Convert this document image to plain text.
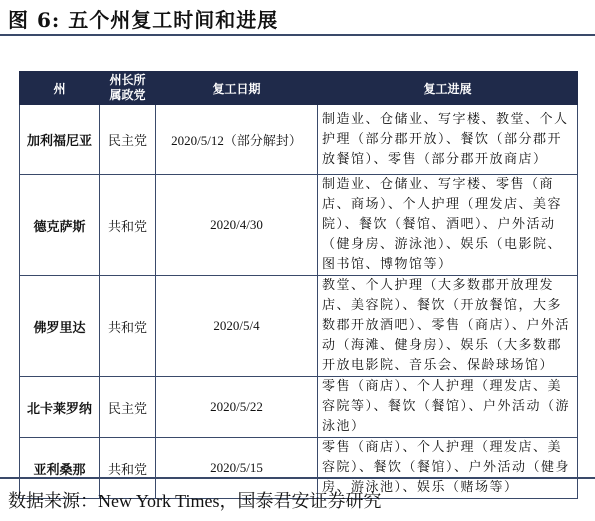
图 6: 五个州复工时间和进展
州	州长所属政党	复工日期	复工进展
加利福尼亚	民主党	2020/5/12（部分解封）	制造业、仓储业、写字楼、教堂、个人护理（部分郡开放）、餐饮（部分郡开放餐馆）、零售（部分郡开放商店）
德克萨斯	共和党	2020/4/30	制造业、仓储业、写字楼、零售（商店、商场）、个人护理（理发店、美容院）、餐饮（餐馆、酒吧）、户外活动（健身房、游泳池）、娱乐（电影院、图书馆、博物馆等）
佛罗里达	共和党	2020/5/4	教堂、个人护理（大多数郡开放理发店、美容院）、餐饮（开放餐馆，大多数郡开放酒吧）、零售（商店）、户外活动（海滩、健身房）、娱乐（大多数郡开放电影院、音乐会、保龄球场馆）
北卡莱罗纳	民主党	2020/5/22	零售（商店）、个人护理（理发店、美容院等）、餐饮（餐馆）、户外活动（游泳池）
亚利桑那	共和党	2020/5/15	零售（商店）、个人护理（理发店、美容院）、餐饮（餐馆）、户外活动（健身房、游泳池）、娱乐（赌场等）
数据来源：New York Times，国泰君安证券研究
